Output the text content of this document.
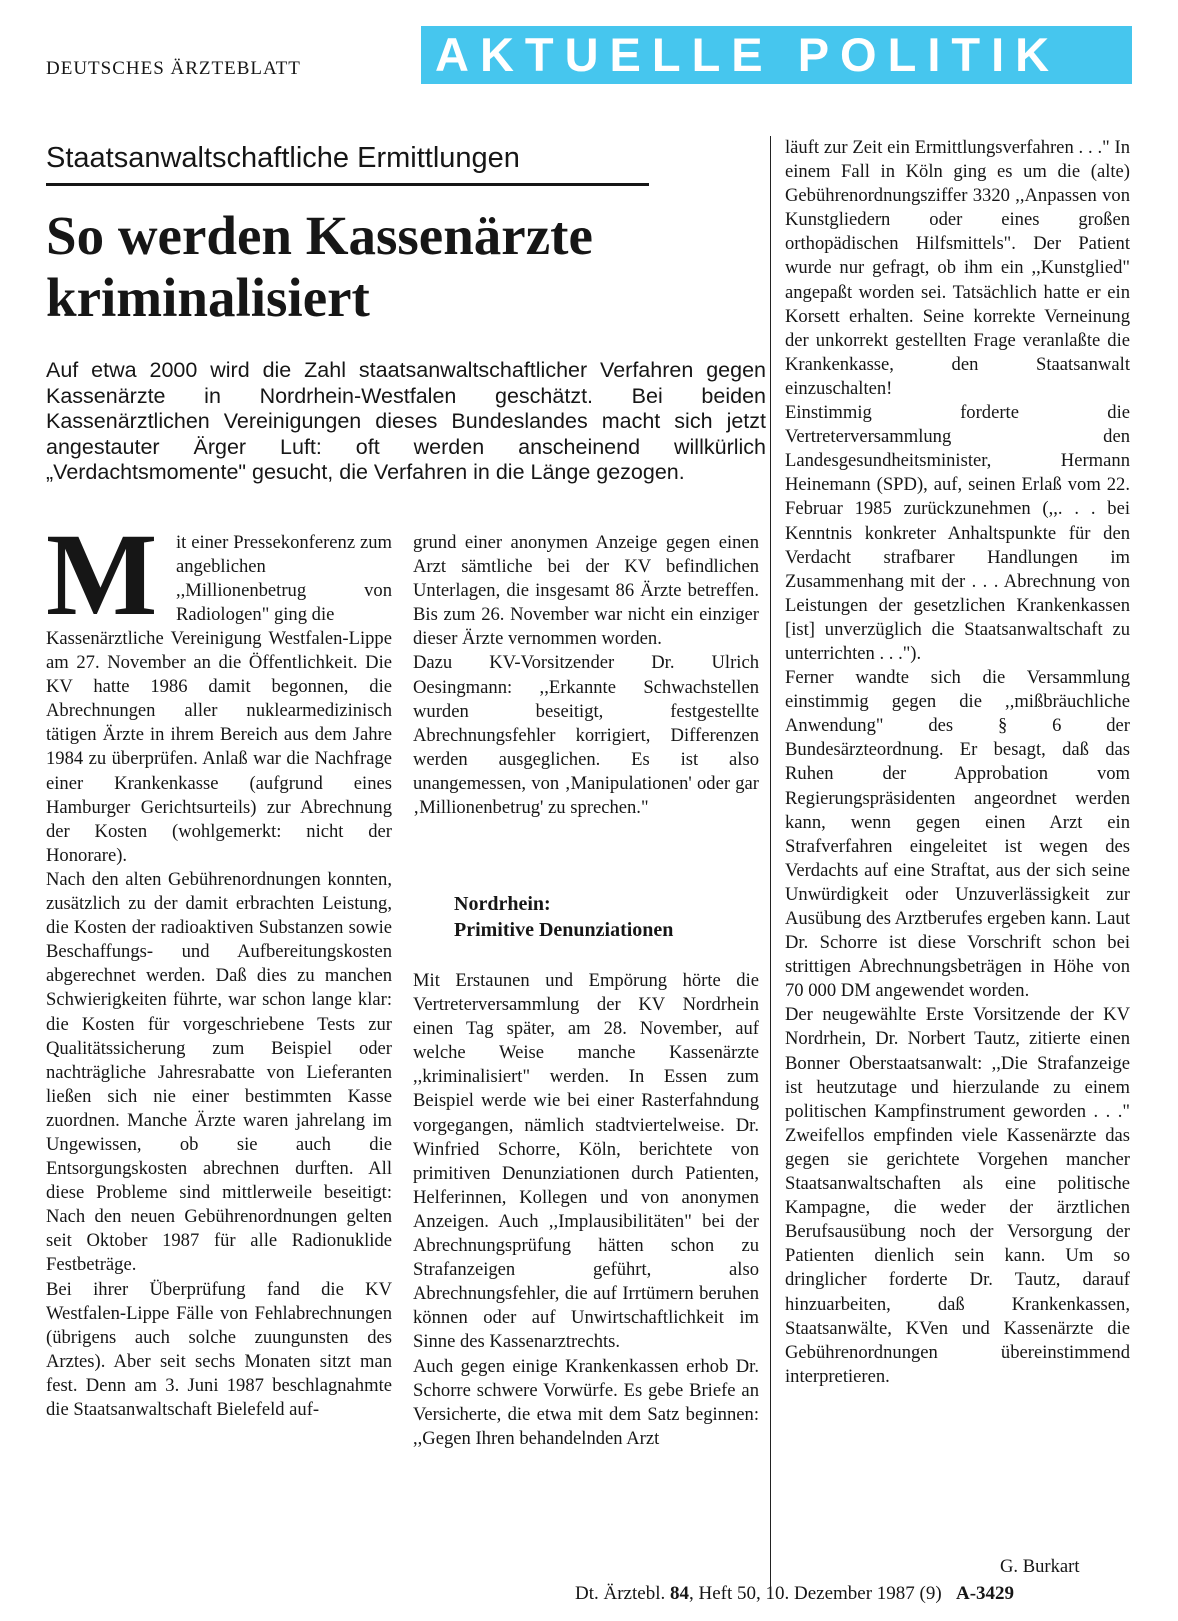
DEUTSCHES ÄRZTEBLATT	AKTUELLE POLITIK
Staatsanwaltschaftliche Ermittlungen
So werden Kassenärzte
kriminalisiert
Auf etwa 2000 wird die Zahl staatsanwaltschaftlicher Verfahren gegen Kassenärzte in Nordrhein-Westfalen geschätzt. Bei beiden Kassenärztlichen Vereinigungen dieses Bundeslandes macht sich jetzt angestauter Ärger Luft: oft werden anscheinend willkürlich „Verdachtsmomente" gesucht, die Verfahren in die Länge gezogen.
M it einer Pressekonferenz zum angeblichen ,,Millionenbetrug von Radiologen" ging die
Kassenärztliche Vereinigung Westfalen-Lippe am 27. November an die Öffentlichkeit. Die KV hatte 1986 damit begonnen, die Abrechnungen aller nuklearmedizinisch tätigen Ärzte in ihrem Bereich aus dem Jahre 1984 zu überprüfen. Anlaß war die Nachfrage einer Krankenkasse (aufgrund eines Hamburger Gerichtsurteils) zur Abrechnung der Kosten (wohlgemerkt: nicht der Honorare).
Nach den alten Gebührenordnungen konnten, zusätzlich zu der damit erbrachten Leistung, die Kosten der radioaktiven Substanzen sowie Beschaffungs- und Aufbereitungskosten abgerechnet werden. Daß dies zu manchen Schwierigkeiten führte, war schon lange klar: die Kosten für vorgeschriebene Tests zur Qualitätssicherung zum Beispiel oder nachträgliche Jahresrabatte von Lieferanten ließen sich nie einer bestimmten Kasse zuordnen. Manche Ärzte waren jahrelang im Ungewissen, ob sie auch die Entsorgungskosten abrechnen durften. All diese Probleme sind mittlerweile beseitigt: Nach den neuen Gebührenordnungen gelten seit Oktober 1987 für alle Radionuklide Festbeträge.
Bei ihrer Überprüfung fand die KV Westfalen-Lippe Fälle von Fehlabrechnungen (übrigens auch solche zuungunsten des Arztes). Aber seit sechs Monaten sitzt man fest. Denn am 3. Juni 1987 beschlagnahmte die Staatsanwaltschaft Bielefeld auf-
grund einer anonymen Anzeige gegen einen Arzt sämtliche bei der KV befindlichen Unterlagen, die insgesamt 86 Ärzte betreffen. Bis zum 26. November war nicht ein einziger dieser Ärzte vernommen worden.
Dazu KV-Vorsitzender Dr. Ulrich Oesingmann: ,,Erkannte Schwachstellen wurden beseitigt, festgestellte Abrechnungsfehler korrigiert, Differenzen werden ausgeglichen. Es ist also unangemessen, von ‚Manipulationen' oder gar ‚Millionenbetrug' zu sprechen."
Nordrhein:
Primitive Denunziationen
Mit Erstaunen und Empörung hörte die Vertreterversammlung der KV Nordrhein einen Tag später, am 28. November, auf welche Weise manche Kassenärzte ,,kriminalisiert" werden. In Essen zum Beispiel werde wie bei einer Rasterfahndung vorgegangen, nämlich stadtviertelweise. Dr. Winfried Schorre, Köln, berichtete von primitiven Denunziationen durch Patienten, Helferinnen, Kollegen und von anonymen Anzeigen. Auch ,,Implausibilitäten" bei der Abrechnungsprüfung hätten schon zu Strafanzeigen geführt, also Abrechnungsfehler, die auf Irrtümern beruhen können oder auf Unwirtschaftlichkeit im Sinne des Kassenarztrechts.
Auch gegen einige Krankenkassen erhob Dr. Schorre schwere Vorwürfe. Es gebe Briefe an Versicherte, die etwa mit dem Satz beginnen: ,,Gegen Ihren behandelnden Arzt
läuft zur Zeit ein Ermittlungsverfahren . . ." In einem Fall in Köln ging es um die (alte) Gebührenordnungsziffer 3320 ,,Anpassen von Kunstgliedern oder eines großen orthopädischen Hilfsmittels". Der Patient wurde nur gefragt, ob ihm ein ,,Kunstglied" angepaßt worden sei. Tatsächlich hatte er ein Korsett erhalten. Seine korrekte Verneinung der unkorrekt gestellten Frage veranlaßte die Krankenkasse, den Staatsanwalt einzuschalten!
Einstimmig forderte die Vertreterversammlung den Landesgesundheitsminister, Hermann Heinemann (SPD), auf, seinen Erlaß vom 22. Februar 1985 zurückzunehmen (,,. . . bei Kenntnis konkreter Anhaltspunkte für den Verdacht strafbarer Handlungen im Zusammenhang mit der . . . Abrechnung von Leistungen der gesetzlichen Krankenkassen [ist] unverzüglich die Staatsanwaltschaft zu unterrichten . . .").
Ferner wandte sich die Versammlung einstimmig gegen die ,,mißbräuchliche Anwendung" des § 6 der Bundesärzteordnung. Er besagt, daß das Ruhen der Approbation vom Regierungspräsidenten angeordnet werden kann, wenn gegen einen Arzt ein Strafverfahren eingeleitet ist wegen des Verdachts auf eine Straftat, aus der sich seine Unwürdigkeit oder Unzuverlässigkeit zur Ausübung des Arztberufes ergeben kann. Laut Dr. Schorre ist diese Vorschrift schon bei strittigen Abrechnungsbeträgen in Höhe von 70 000 DM angewendet worden.
Der neugewählte Erste Vorsitzende der KV Nordrhein, Dr. Norbert Tautz, zitierte einen Bonner Oberstaatsanwalt: ,,Die Strafanzeige ist heutzutage und hierzulande zu einem politischen Kampfinstrument geworden . . ." Zweifellos empfinden viele Kassenärzte das gegen sie gerichtete Vorgehen mancher Staatsanwaltschaften als eine politische Kampagne, die weder der ärztlichen Berufsausübung noch der Versorgung der Patienten dienlich sein kann. Um so dringlicher forderte Dr. Tautz, darauf hinzuarbeiten, daß Krankenkassen, Staatsanwälte, KVen und Kassenärzte die Gebührenordnungen übereinstimmend interpretieren.
G. Burkart
Dt. Ärztebl. 84, Heft 50, 10. Dezember 1987 (9) A-3429
